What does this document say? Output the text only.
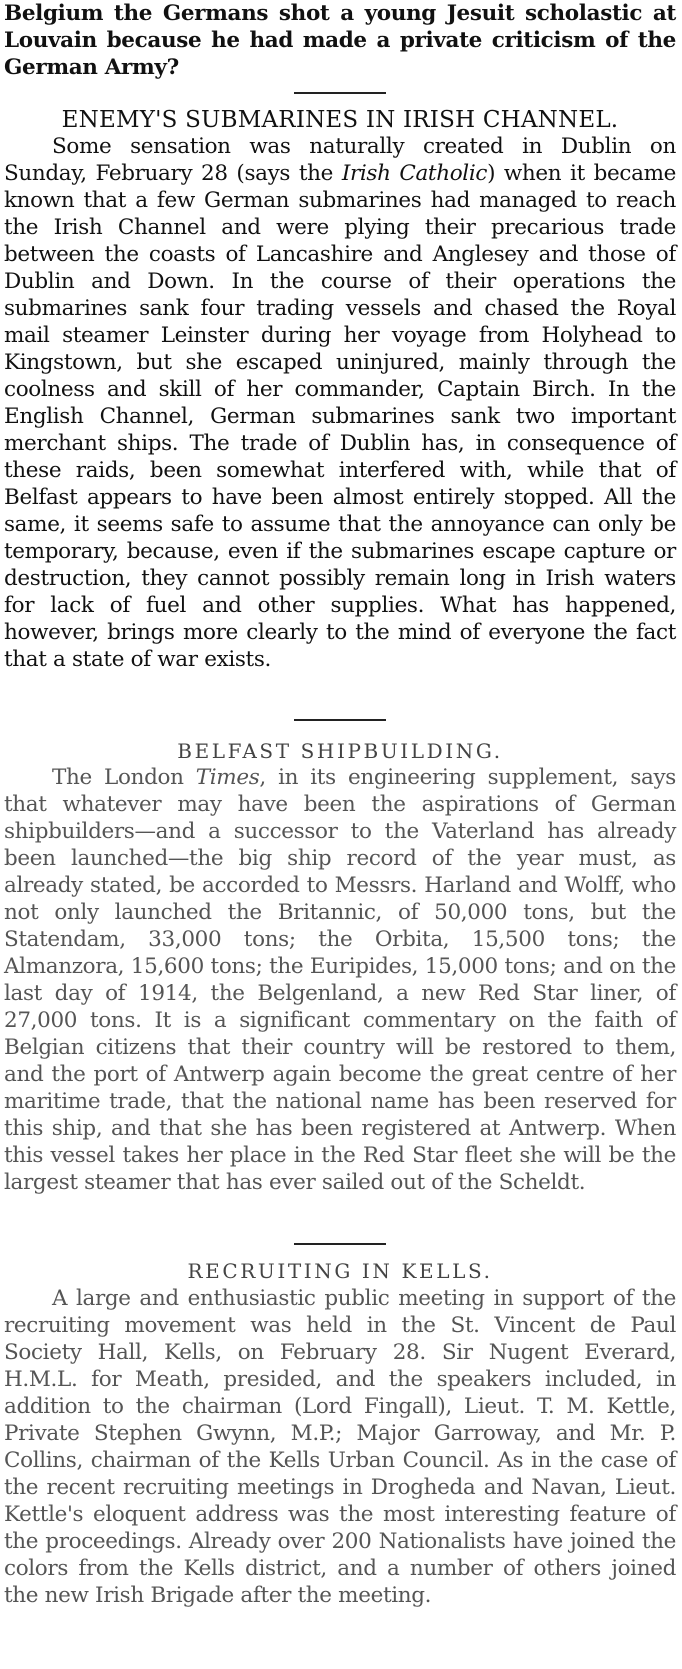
Belgium the Germans shot a young Jesuit scholastic at Louvain because he had made a private criticism of the German Army?

ENEMY'S SUBMARINES IN IRISH CHANNEL.

Some sensation was naturally created in Dublin on Sunday, February 28 (says the Irish Catholic) when it became known that a few German submarines had managed to reach the Irish Channel and were plying their precarious trade between the coasts of Lancashire and Anglesey and those of Dublin and Down. In the course of their operations the submarines sank four trading vessels and chased the Royal mail steamer Leinster during her voyage from Holyhead to Kingstown, but she escaped uninjured, mainly through the coolness and skill of her commander, Captain Birch. In the English Channel, German submarines sank two important merchant ships. The trade of Dublin has, in consequence of these raids, been somewhat interfered with, while that of Belfast appears to have been almost entirely stopped. All the same, it seems safe to assume that the annoyance can only be temporary, because, even if the submarines escape capture or destruction, they cannot possibly remain long in Irish waters for lack of fuel and other supplies. What has happened, however, brings more clearly to the mind of everyone the fact that a state of war exists.

BELFAST SHIPBUILDING.

The London Times, in its engineering supplement, says that whatever may have been the aspirations of German shipbuilders—and a successor to the Vaterland has already been launched—the big ship record of the year must, as already stated, be accorded to Messrs. Harland and Wolff, who not only launched the Britannic, of 50,000 tons, but the Statendam, 33,000 tons; the Orbita, 15,500 tons; the Almanzora, 15,600 tons; the Euripides, 15,000 tons; and on the last day of 1914, the Belgenland, a new Red Star liner, of 27,000 tons. It is a significant commentary on the faith of Belgian citizens that their country will be restored to them, and the port of Antwerp again become the great centre of her maritime trade, that the national name has been reserved for this ship, and that she has been registered at Antwerp. When this vessel takes her place in the Red Star fleet she will be the largest steamer that has ever sailed out of the Scheldt.

RECRUITING IN KELLS.

A large and enthusiastic public meeting in support of the recruiting movement was held in the St. Vincent de Paul Society Hall, Kells, on February 28. Sir Nugent Everard, H.M.L. for Meath, presided, and the speakers included, in addition to the chairman (Lord Fingall), Lieut. T. M. Kettle, Private Stephen Gwynn, M.P.; Major Garroway, and Mr. P. Collins, chairman of the Kells Urban Council. As in the case of the recent recruiting meetings in Drogheda and Navan, Lieut. Kettle's eloquent address was the most interesting feature of the proceedings. Already over 200 Nationalists have joined the colors from the Kells district, and a number of others joined the new Irish Brigade after the meeting.
